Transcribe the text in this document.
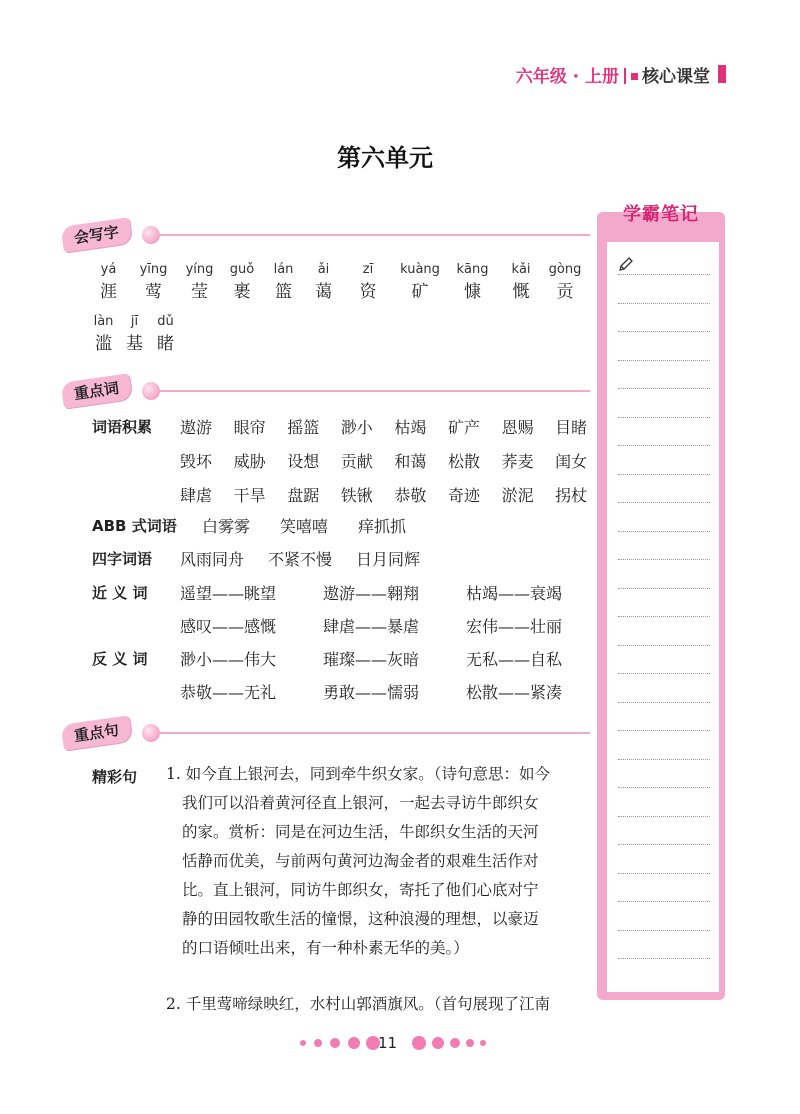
六年级 · 上册 核心课堂
第六单元
会写字
yá	yīng	yíng	guǒ	lán	ǎi	zī	kuàng	kāng	kǎi	gòng
涯	莺	莹	裹	篮	蔼	资	矿	慷	慨	贡
làn	jī	dǔ
滥 基 睹
重点词
词语积累 遨游 眼帘 摇篮 渺小 枯竭 矿产 恩赐 目睹
毁坏 威胁 设想 贡献 和蔼 松散 荞麦 闺女
肆虐 干旱 盘踞 铁锹 恭敬 奇迹 淤泥 拐杖
ABB 式词语 白雾雾 笑嘻嘻 痒抓抓
四字词语 风雨同舟 不紧不慢 日月同辉
近 义 词 遥望——眺望	遨游——翱翔	枯竭——衰竭
感叹——感慨	肆虐——暴虐	宏伟——壮丽
反 义 词 渺小——伟大	璀璨——灰暗	无私——自私
恭敬——无礼	勇敢——懦弱	松散——紧凑
重点句
精彩句 1. 如今直上银河去，同到牵牛织女家。（诗句意思：如今
我们可以沿着黄河径直上银河，一起去寻访牛郎织女
的家。赏析：同是在河边生活，牛郎织女生活的天河
恬静而优美，与前两句黄河边淘金者的艰难生活作对
比。直上银河，同访牛郎织女，寄托了他们心底对宁
静的田园牧歌生活的憧憬，这种浪漫的理想，以豪迈
的口语倾吐出来，有一种朴素无华的美。）
2. 千里莺啼绿映红，水村山郭酒旗风。（首句展现了江南
学霸笔记
11
